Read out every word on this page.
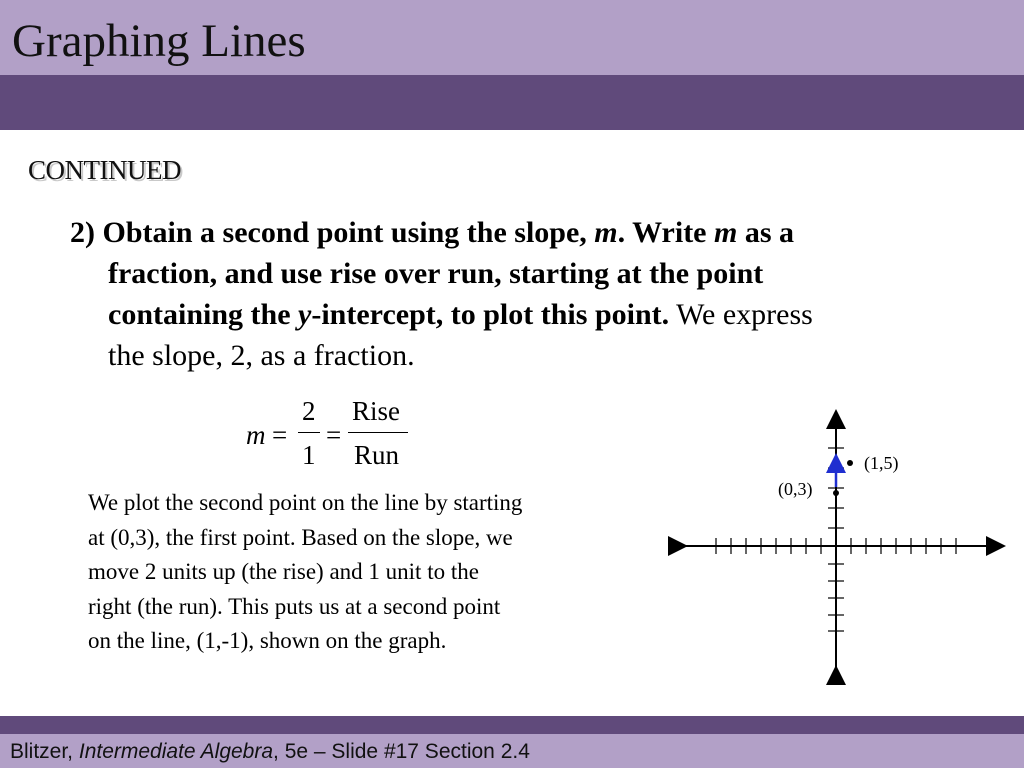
Graphing Lines
CONTINUED
2) Obtain a second point using the slope, m. Write m as a
fraction, and use rise over run, starting at the point
containing the y-intercept, to plot this point. We express
the slope, 2, as a fraction.
m =
2
1
=
Rise
Run
We plot the second point on the line by starting
at (0,3), the first point. Based on the slope, we
move 2 units up (the rise) and 1 unit to the
right (the run). This puts us at a second point
on the line, (1,-1), shown on the graph.
(1,5)
(0,3)
Blitzer, Intermediate Algebra, 5e – Slide #17 Section 2.4
